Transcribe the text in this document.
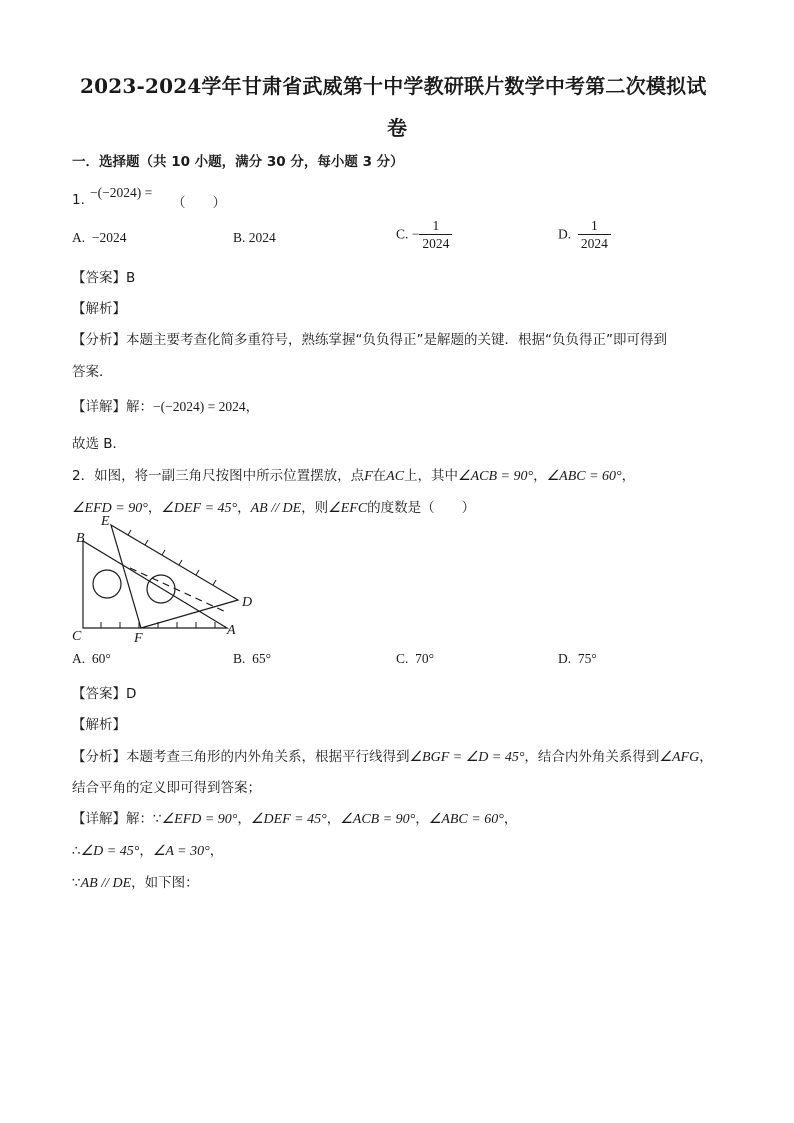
2023-2024学年甘肃省武威第十中学教研联片数学中考第二次模拟试
卷
一．选择题（共 10 小题，满分 30 分，每小题 3 分）
1. −(−2024) =
（　　）
A. −2024	B. 2024	C. − $\frac{1}{2024}$	D. $\frac{1}{2024}$
【答案】B
【解析】
【分析】本题主要考查化简多重符号，熟练掌握“负负得正”是解题的关键．根据“负负得正”即可得到
答案．
【详解】解：−(−2024) = 2024，
故选 B．
2．如图，将一副三角尺按图中所示位置摆放，点F在AC上，其中∠ACB = 90°，∠ABC = 60°，
∠EFD = 90°，∠DEF = 45°，AB // DE，则∠EFC的度数是（　　）
E
B
D
C	F
A
A. 60°	B. 65°	C. 70°	D. 75°
【答案】D
【解析】
【分析】本题考查三角形的内外角关系，根据平行线得到∠BGF = ∠D = 45°，结合内外角关系得到∠AFG，
结合平角的定义即可得到答案；
【详解】解：∵∠EFD = 90°，∠DEF = 45°，∠ACB = 90°，∠ABC = 60°，
∴∠D = 45°，∠A = 30°，
∵AB // DE，如下图：
